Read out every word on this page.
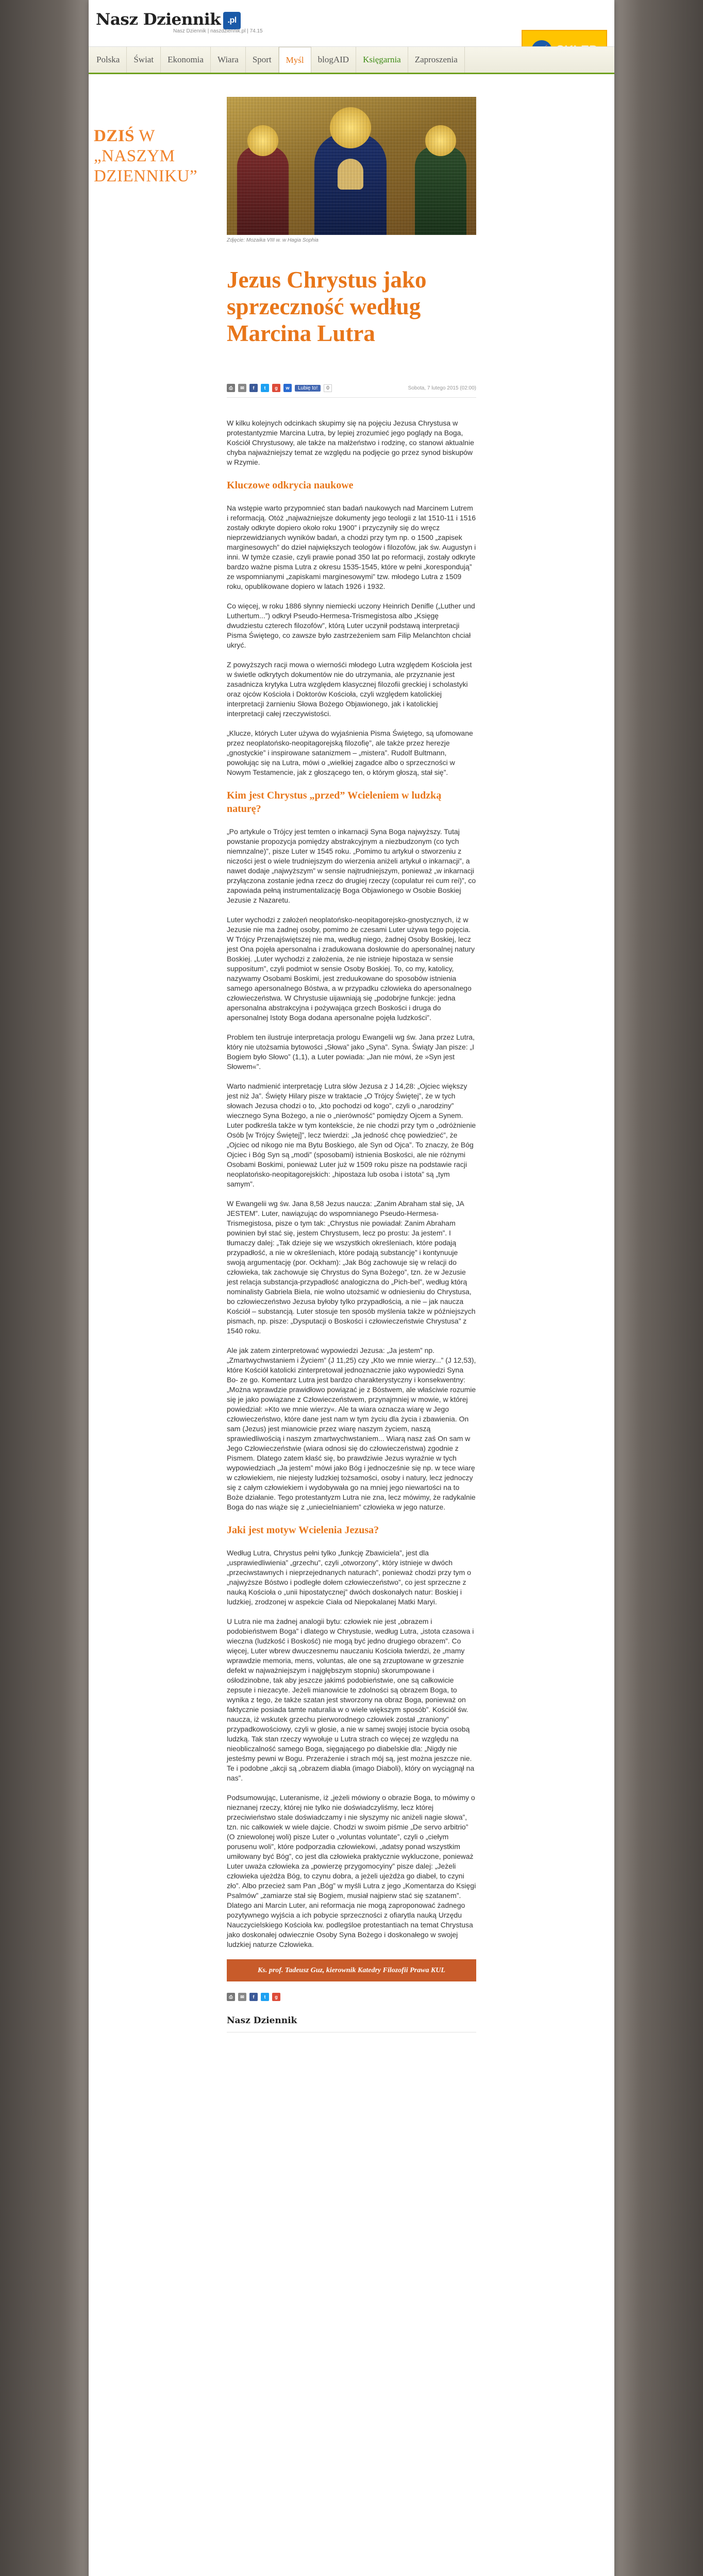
Nasz Dziennik .pl
Nasz Dziennik | naszdziennik.pl | 74.15
Polska	Świat	Ekonomia	Wiara	Sport	Myśl	blogAID	Księgarnia	Zaproszenia
DZIŚ W
„NASZYM
DZIENNIKU”
Zdjęcie: Mozaika VIII w. w Hagia Sophia
Jezus Chrystus jako sprzeczność według Marcina Lutra
⎙	✉	f	t	g	w	Lubię to!	0	Sobota, 7 lutego 2015 (02:00)

W kilku kolejnych odcinkach skupimy się na pojęciu Jezusa Chrystusa w protestantyzmie Marcina Lutra, by lepiej zrozumieć jego poglądy na Boga, Kościół Chrystusowy, ale także na małżeństwo i rodzinę, co stanowi aktualnie chyba najważniejszy temat ze względu na podjęcie go przez synod biskupów w Rzymie.

Kluczowe odkrycia naukowe

Na wstępie warto przypomnieć stan badań naukowych nad Marcinem Lutrem i reformacją. Otóż „najważniejsze dokumenty jego teologii z lat 1510-11 i 1516 zostały odkryte dopiero około roku 1900” i przyczyniły się do wręcz nieprzewidzianych wyników badań, a chodzi przy tym np. o 1500 „zapisek marginesowych” do dzieł największych teologów i filozofów, jak św. Augustyn i inni. W tymże czasie, czyli prawie ponad 350 lat po reformacji, zostały odkryte bardzo ważne pisma Lutra z okresu 1535-1545, które w pełni „korespondują” ze wspomnianymi „zapiskami marginesowymi” tzw. młodego Lutra z 1509 roku, opublikowane dopiero w latach 1926 i 1932.

Co więcej, w roku 1886 słynny niemiecki uczony Heinrich Denifle („Luther und Luthertum...”) odkrył Pseudo-Hermesa-Trismegistosa albo „Księgę dwudziestu czterech filozofów”, którą Luter uczynił podstawą interpretacji Pisma Świętego, co zawsze było zastrzeżeniem sam Filip Melanchton chciał ukryć.

Z powyższych racji mowa o wiernośći młodego Lutra względem Kościoła jest w świetle odkrytych dokumentów nie do utrzymania, ale przyznanie jest zasadnicza krytyka Lutra względem klasycznej filozofii greckiej i scholastyki oraz ojców Kościoła i Doktorów Kościoła, czyli względem katolickiej interpretacji żarnieniu Słowa Bożego Objawionego, jak i katolickiej interpretacji całej rzeczywistości.

„Klucze, których Luter używa do wyjaśnienia Pisma Świętego, są ufomowane przez neoplatońsko-neopitagorejską filozofię”, ale także przez herezje „gnostyckie” i inspirowane satanizmem – „mistera”. Rudolf Bultmann, powołując się na Lutra, mówi o „wielkiej zagadce albo o sprzeczności w Nowym Testamencie, jak z głoszącego ten, o którym głoszą, stał się”.

Kim jest Chrystus „przed” Wcieleniem w ludzką naturę?

„Po artykule o Trójcy jest temten o inkarnacji Syna Boga najwyższy. Tutaj powstanie propozycja pomiędzy abstrakcyjnym a niezbudzonym (co tych niemnzalne)”, pisze Luter w 1545 roku. „Pomimo tu artykuł o stworzeniu z niczości jest o wiele trudniejszym do wierzenia aniżeli artykuł o inkarnacji”, a nawet dodaje „najwyższym” w sensie najtrudniejszym, ponieważ „w inkarnacji przyłączona zostanie jedna rzecz do drugiej rzeczy (copulatur rei cum rei)”, co zapowiada pełną instrumentalizację Boga Objawionego w Osobie Boskiej Jezusie z Nazaretu.

Luter wychodzi z założeń neoplatońsko-neopitagorejsko-gnostycznych, iż w Jezusie nie ma żadnej osoby, pomimo że czesami Luter używa tego pojęcia. W Trójcy Przenajświętszej nie ma, według niego, żadnej Osoby Boskiej, lecz jest Ona pojęła apersonalna i zradukowana dosłownie do apersonalnej natury Boskiej. „Luter wychodzi z założenia, że nie istnieje hipostaza w sensie suppositum”, czyli podmiot w sensie Osoby Boskiej. To, co my, katolicy, nazywamy Osobami Boskimi, jest zreduukowane do sposobów istnienia samego apersonalnego Bóstwa, a w przypadku człowieka do apersonalnego człowieczeństwa. W Chrystusie uijawniają się „podobrjne funkcje: jedna apersonalna abstrakcyjna i pożywająca grzech Boskości i druga do apersonalnej Istoty Boga dodana apersonalne pojęła ludzkości”.

Problem ten ilustruje interpretacja prologu Ewangelii wg św. Jana przez Lutra, który nie utożsamia bytowości „Słowa” jako „Syna”. Syna. Świąty Jan pisze: „I Bogiem było Słowo” (1,1), a Luter powiada: „Jan nie mówi, że »Syn jest Słowem«”.

Warto nadmienić interpretację Lutra słów Jezusa z J 14,28: „Ojciec większy jest niż Ja”. Święty Hilary pisze w traktacie „O Trójcy Świętej”, że w tych słowach Jezusa chodzi o to, „kto pochodzi od kogo”, czyli o „narodziny” wiecznego Syna Bożego, a nie o „nierówność” pomiędzy Ojcem a Synem. Luter podkreśla także w tym kontekście, że nie chodzi przy tym o „odróżnienie Osób [w Trójcy Świętej]”, lecz twierdzi: „Ja jedność chcę powiedzieć”, że „Ojciec od nikogo nie ma Bytu Boskiego, ale Syn od Ojca”. To znaczy, że Bóg Ojciec i Bóg Syn są „modi” (sposobami) istnienia Boskości, ale nie różnymi Osobami Boskimi, ponieważ Luter już w 1509 roku pisze na podstawie racji neoplatońsko-neopitagorejskich: „hipostaza lub osoba i istota” są „tym samym”.

W Ewangelii wg św. Jana 8,58 Jezus naucza: „Zanim Abraham stał się, JA JESTEM”. Luter, nawiązując do wspomnianego Pseudo-Hermesa-Trismegistosa, pisze o tym tak: „Chrystus nie powiadał: Zanim Abraham powinien był stać się, jestem Chrystusem, lecz po prostu: Ja jestem”. I tłumaczy dalej: „Tak dzieje się we wszystkich określeniach, które podają przypadłość, a nie w określeniach, które podają substancję” i kontynuuje swoją argumentację (por. Ockham): „Jak Bóg zachowuje się w relacji do człowieka, tak zachowuje się Chrystus do Syna Bożego”, tzn. że w Jezusie jest relacja substancja-przypadłość analogiczna do „Pich-bel”, według którą nominalisty Gabriela Biela, nie wolno utożsamić w odniesieniu do Chrystusa, bo człowieczeństwo Jezusa byłoby tylko przypadłością, a nie – jak naucza Kościół – substancją. Luter stosuje ten sposób myślenia także w późniejszych pismach, np. pisze: „Dysputacji o Boskości i człowieczeństwie Chrystusa” z 1540 roku.

Ale jak zatem zinterpretować wypowiedzi Jezusa: „Ja jestem” np. „Zmartwychwstaniem i Życiem” (J 11,25) czy „Kto we mnie wierzy...” (J 12,53), które Kościół katolicki zinterpretował jednoznacznie jako wypowiedzi Syna Bo- ze go. Komentarz Lutra jest bardzo charakterystyczny i konsekwentny: „Można wprawdzie prawidłowo powiązać je z Bóstwem, ale właściwie rozumie się je jako powiązane z Człowieczeństwem, przynajmniej w mowie, w której powiedział: »Kto we mnie wierzy«. Ale ta wiara oznacza wiarę w Jego człowieczeństwo, które dane jest nam w tym życiu dla życia i zbawienia. On sam (Jezus) jest mianowicie przez wiarę naszym życiem, naszą sprawiedliwością i naszym zmartwychwstaniem... Wiarą nasz zaś On sam w Jego Człowieczeństwie (wiara odnosi się do człowieczeństwa) zgodnie z Pismem. Dlatego zatem kłaść się, bo prawdziwie Jezus wyraźnie w tych wypowiedziach „Ja jestem” mówi jako Bóg i jednocześnie się np. w tece wiarę w człowiekiem, nie niejesty ludzkiej tożsamości, osoby i natury, lecz jednoczy się z całym człowiekiem i wydobywała go na mniej jego niewartości na to Boże działanie. Tego protestantyzm Lutra nie zna, lecz mówimy, że radykalnie Boga do nas wiąże się z „uniecielnianiem” człowieka w jego naturze.

Jaki jest motyw Wcielenia Jezusa?

Według Lutra, Chrystus pełni tylko „funkcję Zbawiciela”, jest dla „usprawiedliwienia” „grzechu”, czyli „otworzony”, który istnieje w dwóch „przeciwstawnych i nieprzejednanych naturach”, ponieważ chodzi przy tym o „najwyższe Bóstwo i podległe dołem człowieczeństwo”, co jest sprzeczne z nauką Kościoła o „unii hipostatycznej” dwóch doskonałych natur: Boskiej i ludzkiej, zrodzonej w aspekcie Ciała od Niepokalanej Matki Maryi.

U Lutra nie ma żadnej analogii bytu: człowiek nie jest „obrazem i podobieństwem Boga” i dlatego w Chrystusie, według Lutra, „istota czasowa i wieczna (ludzkość i Boskość) nie mogą być jedno drugiego obrazem”. Co więcej, Luter wbrew dwuczesnemu nauczaniu Kościoła twierdzi, że „mamy wprawdzie memoria, mens, voluntas, ale one są zrzuptowane w grzesznie defekt w najważniejszym i najgłębszym stopniu) skorumpowane i ośłodzinobne, tak aby jeszcze jakimś podobieństwie, one są całkowicie zepsute i niezacyte. Jeżeli mianowicie te zdolności są obrazem Boga, to wynika z tego, że także szatan jest stworzony na obraz Boga, ponieważ on faktycznie posiada tamte naturalia w o wiele większym sposób”. Kościół św. naucza, iż wskutek grzechu pierworodnego człowiek został „zraniony” przypadkowościowy, czyli w głosie, a nie w samej swojej istocie bycia osobą ludzką. Tak stan rzeczy wywołuje u Lutra strach co więcej ze względu na nieobliczalność samego Boga, sięgającego po diabelskie dla: „Nigdy nie jesteśmy pewni w Bogu. Przerażenie i strach mój są, jest można jeszcze nie. Te i podobne „akcji są „obrazem diabła (imago Diaboli), który on wyciągnął na nas”.

Podsumowując, Luteranisme, iż „jeżeli mówiony o obrazie Boga, to mówimy o nieznanej rzeczy, której nie tylko nie doświadczyliśmy, lecz której przeciwieństwo stale doświadczamy i nie słyszymy nic aniżeli nagie słowa”, tzn. nic całkowiek w wiele dajcie. Chodzi w swoim piśmie „De servo arbitrio” (O zniewolonej woli) pisze Luter o „voluntas voluntate”, czyli o „ciełym porusenu woli”, które podporzadia człowiekowi, „adatsy ponad wszystkim umiłowany być Bóg”, co jest dla człowieka praktycznie wykluczone, ponieważ Luter uważa człowieka za „powierzę przygomocyiny” pisze dalej: „Jeżeli człowieka ujeżdża Bóg, to czynu dobra, a jeżeli ujeżdża go diabeł, to czyni zło”. Albo przecież sam Pan „Bóg” w myśli Lutra z jego „Komentarza do Księgi Psalmów” „zamiarze stał się Bogiem, musiał najpierw stać się szatanem”. Dlatego ani Marcin Luter, ani reformacja nie mogą zaproponować żadnego pozytywnego wyjścia a ich pobycie sprzeczności z ofiarytla nauką Urzędu Nauczycielskiego Kościoła kw. podlegśloe protestantiach na temat Chrystusa jako doskonałej odwiecznie Osoby Syna Bożego i doskonałego w swojej ludzkiej naturze Człowieka.

Ks. prof. Tadeusz Guz, kierownik Katedry Filozofii Prawa KUL
⎙	✉	f	t	g
Nasz Dziennik
